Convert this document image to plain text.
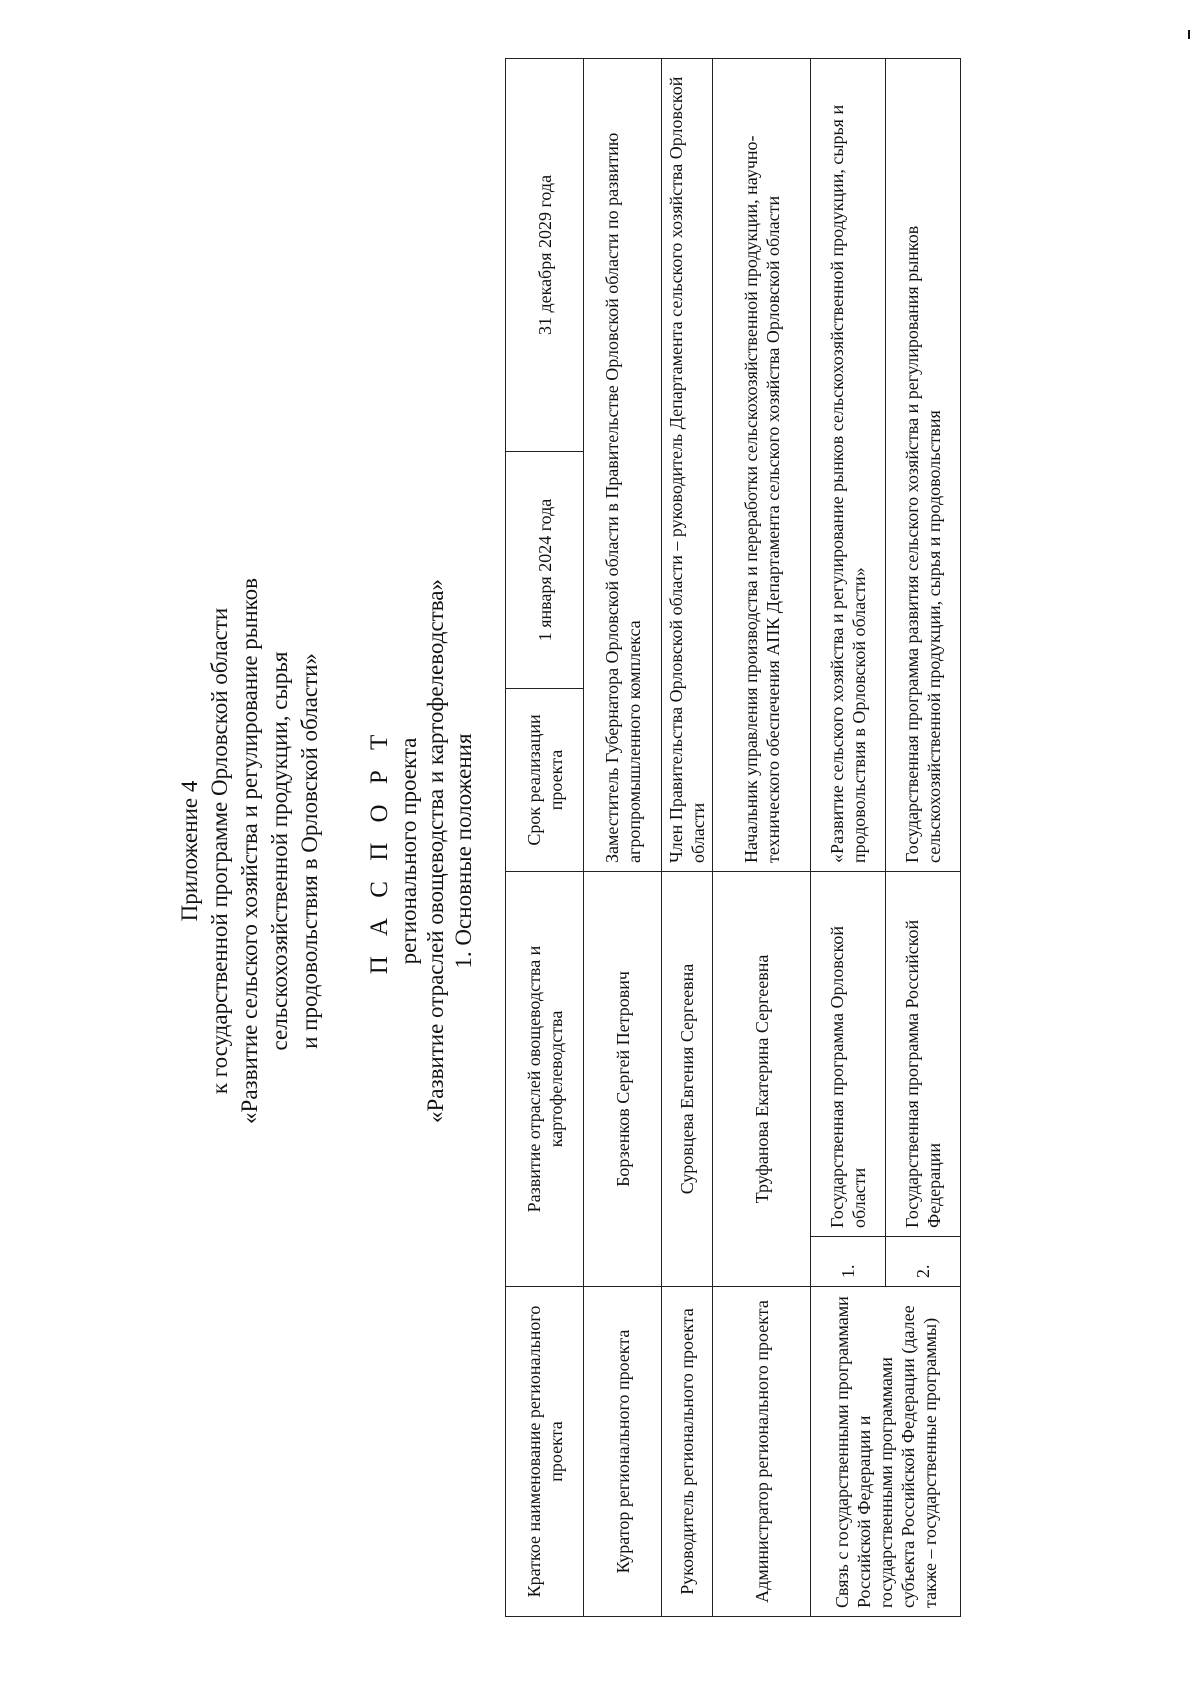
Приложение 4 к государственной программе Орловской области «Развитие сельского хозяйства и регулирование рынков сельскохозяйственной продукции, сырья и продовольствия в Орловской области» П А С П О Р Т регионального проекта «Развитие отраслей овощеводства и картофелеводства» 1. Основные положения
Краткое наименование регионального проекта	Развитие отраслей овощеводства и картофелеводства		Срок реализации проекта	1 января 2024 года	31 декабря 2029 года
Куратор регионального проекта	Борзенков Сергей Петрович		Заместитель Губернатора Орловской области в Правительстве Орловской области по развитию агропромышленного комплекса		
Руководитель регионального проекта	Суровцева Евгения Сергеевна		Член Правительства Орловской области – руководитель Департамента сельского хозяйства Орловской области		
Администратор регионального проекта	Труфанова Екатерина Сергеевна		Начальник управления производства и переработки сельскохозяйственной продукции, научно-технического обеспечения АПК Департамента сельского хозяйства Орловской области		
Связь с государственными программами Российской Федерации и государственными программами субъекта Российской Федерации (далее также – государственные программы)	1.	Государственная программа Орловской области	«Развитие сельского хозяйства и регулирование рынков сельскохозяйственной продукции, сырья и продовольствия в Орловской области»		
	2.	Государственная программа Российской Федерации	Государственная программа развития сельского хозяйства и регулирования рынков сельскохозяйственной продукции, сырья и продовольствия		
